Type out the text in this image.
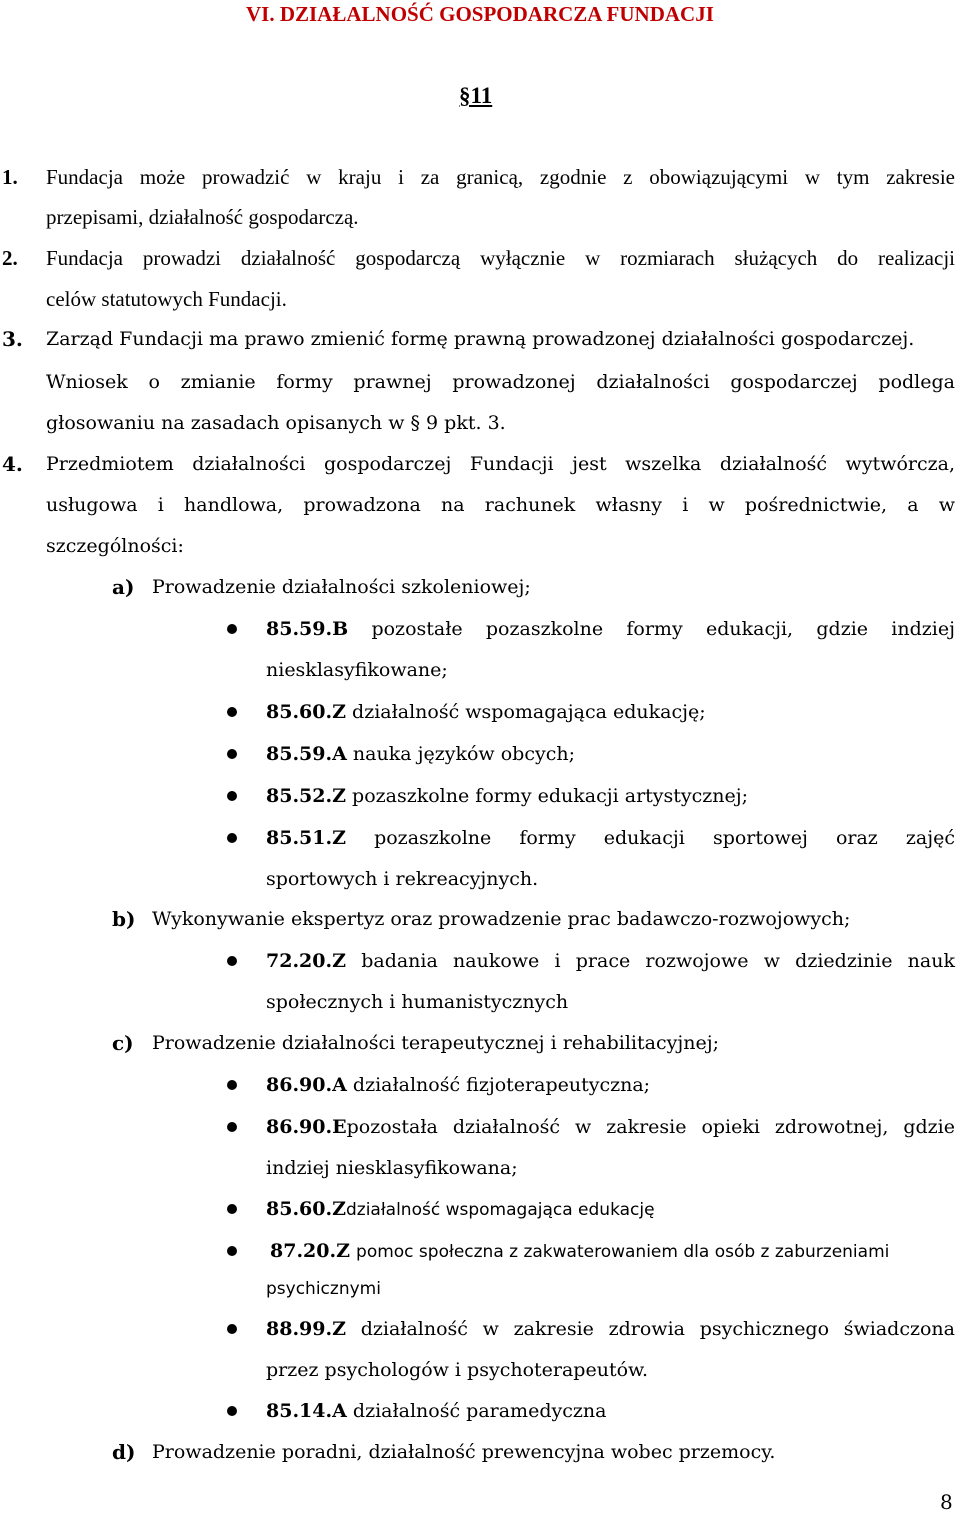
VI. DZIAŁALNOŚĆ GOSPODARCZA FUNDACJI
§11
1. Fundacja może prowadzić w kraju i za granicą, zgodnie z obowiązującymi w tym zakresie
przepisami, działalność gospodarczą.
2. Fundacja prowadzi działalność gospodarczą wyłącznie w rozmiarach służących do realizacji
celów statutowych Fundacji.
3. Zarząd Fundacji ma prawo zmienić formę prawną prowadzonej działalności gospodarczej.
Wniosek o zmianie formy prawnej prowadzonej działalności gospodarczej podlega
głosowaniu na zasadach opisanych w § 9 pkt. 3.
4. Przedmiotem działalności gospodarczej Fundacji jest wszelka działalność wytwórcza,
usługowa i handlowa, prowadzona na rachunek własny i w pośrednictwie, a w
szczególności:
a) Prowadzenie działalności szkoleniowej;
85.59.B pozostałe pozaszkolne formy edukacji, gdzie indziej
niesklasyfikowane;
85.60.Z działalność wspomagająca edukację;
85.59.A nauka języków obcych;
85.52.Z pozaszkolne formy edukacji artystycznej;
85.51.Z pozaszkolne formy edukacji sportowej oraz zajęć
sportowych i rekreacyjnych.
b) Wykonywanie ekspertyz oraz prowadzenie prac badawczo-rozwojowych;
72.20.Z badania naukowe i prace rozwojowe w dziedzinie nauk
społecznych i humanistycznych
c) Prowadzenie działalności terapeutycznej i rehabilitacyjnej;
86.90.A działalność fizjoterapeutyczna;
86.90.Epozostała działalność w zakresie opieki zdrowotnej, gdzie
indziej niesklasyfikowana;
85.60.Zdziałalność wspomagająca edukację
87.20.Z pomoc społeczna z zakwaterowaniem dla osób z zaburzeniami
psychicznymi
88.99.Z działalność w zakresie zdrowia psychicznego świadczona
przez psychologów i psychoterapeutów.
85.14.A działalność paramedyczna
d) Prowadzenie poradni, działalność prewencyjna wobec przemocy.
8
